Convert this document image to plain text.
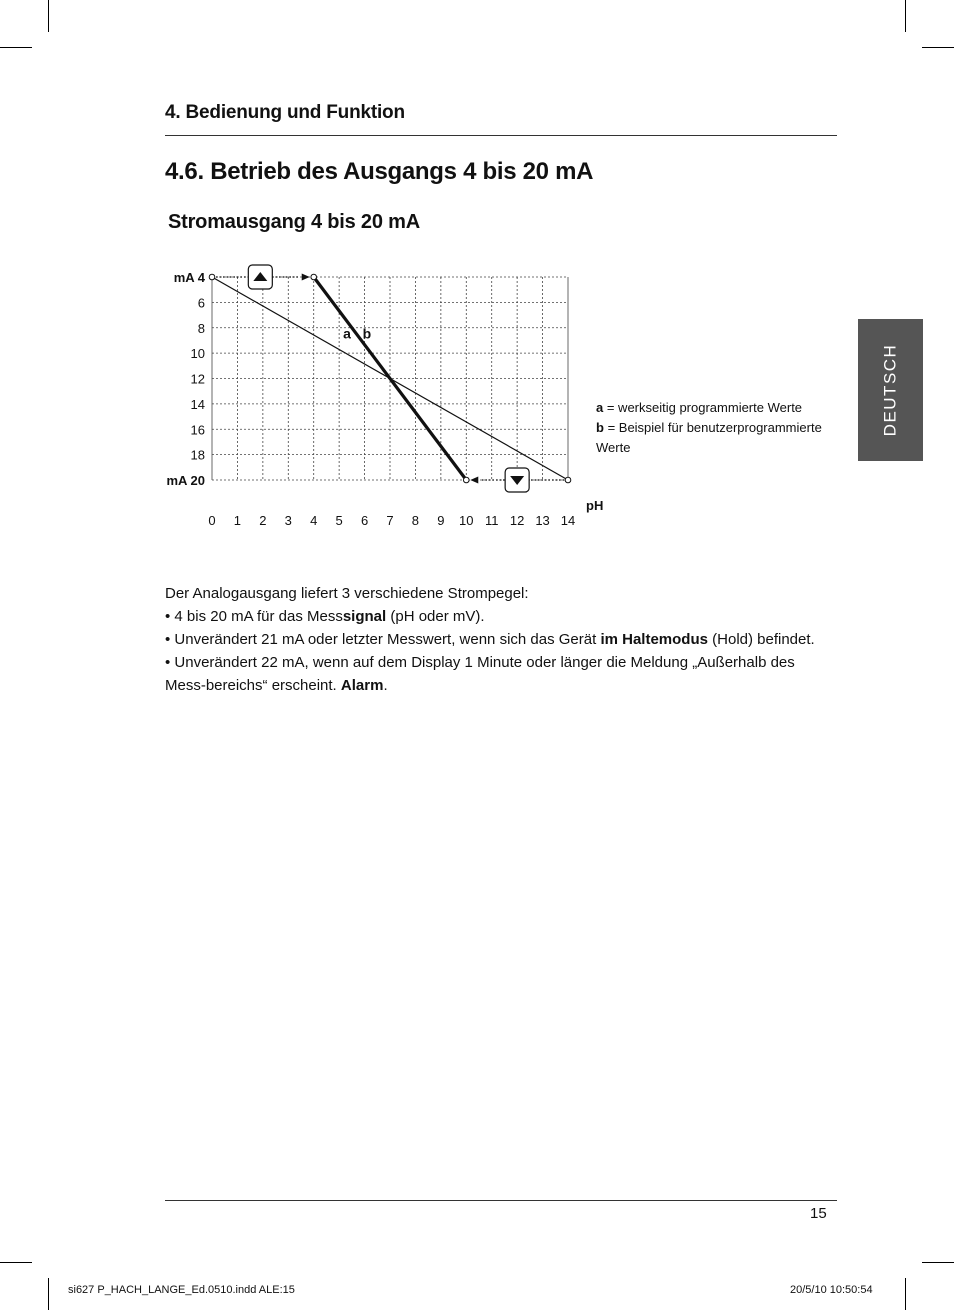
4. Bedienung und Funktion
4.6. Betrieb des Ausgangs 4 bis 20 mA
Stromausgang 4 bis 20 mA
DEUTSCH
0 1 2 3 4 5 6 7 8 9 10 11 12 13 14
mA 4
6
8
10
12
14
16
18
mA 20
a b
pH
a = werkseitig programmierte Werte
b = Beispiel für benutzerprogrammierte Werte

Der Analogausgang liefert 3 verschiedene Strompegel:

• 4 bis 20 mA für das Messsignal (pH oder mV).

• Unverändert 21 mA oder letzter Messwert, wenn sich das Gerät im Haltemodus (Hold) befindet.

• Unverändert 22 mA, wenn auf dem Display 1 Minute oder länger die Meldung „Außerhalb des Mess-bereichs“ erscheint. Alarm.

15
si627 P_HACH_LANGE_Ed.0510.indd ALE:15	20/5/10 10:50:54
